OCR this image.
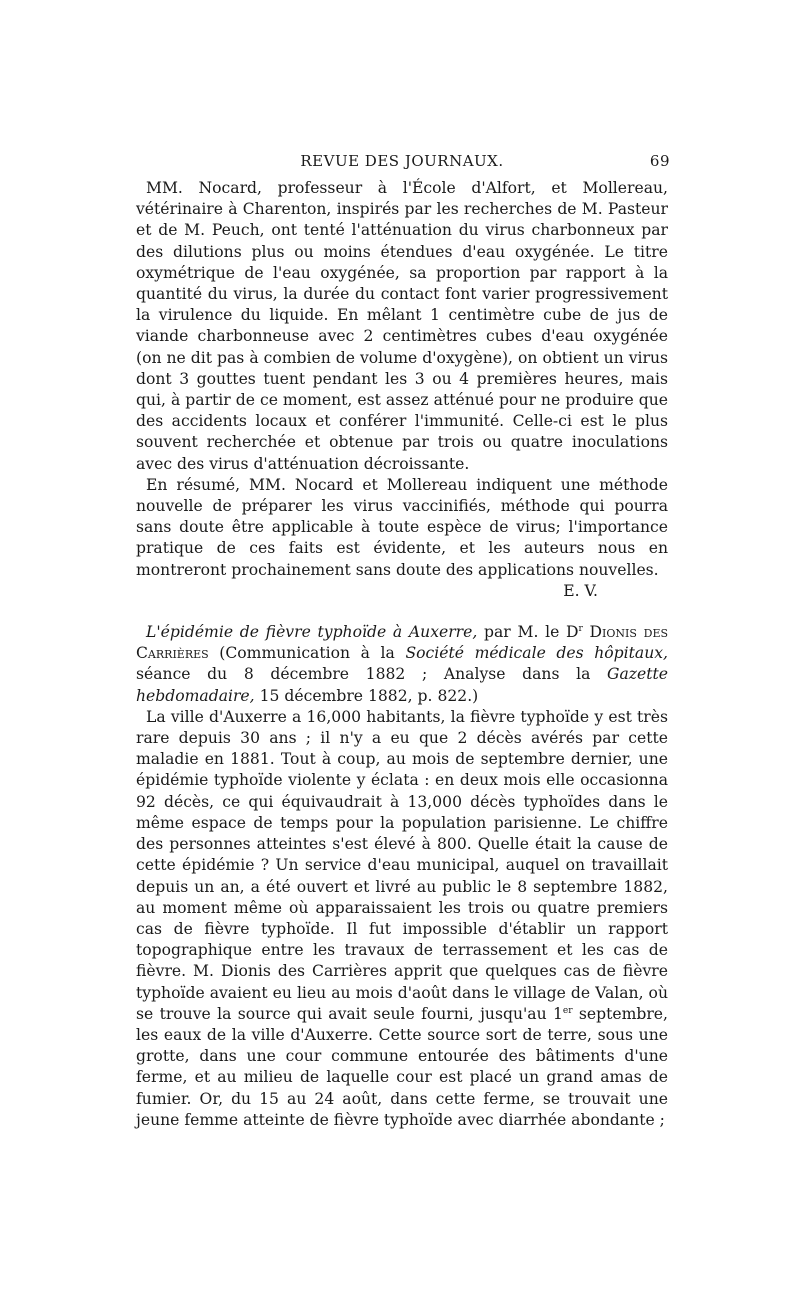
REVUE DES JOURNAUX.	69

MM. Nocard, professeur à l'École d'Alfort, et Mollereau, vétérinaire à Charenton, inspirés par les recherches de M. Pasteur et de M. Peuch, ont tenté l'atténuation du virus charbonneux par des dilutions plus ou moins étendues d'eau oxygénée. Le titre oxymétrique de l'eau oxygénée, sa proportion par rapport à la quantité du virus, la durée du contact font varier progressivement la virulence du liquide. En mêlant 1 centimètre cube de jus de viande charbonneuse avec 2 centimètres cubes d'eau oxygénée (on ne dit pas à combien de volume d'oxygène), on obtient un virus dont 3 gouttes tuent pendant les 3 ou 4 premières heures, mais qui, à partir de ce moment, est assez atténué pour ne produire que des accidents locaux et conférer l'immunité. Celle-ci est le plus souvent recherchée et obtenue par trois ou quatre inoculations avec des virus d'atténuation décroissante.

En résumé, MM. Nocard et Mollereau indiquent une méthode nouvelle de préparer les virus vaccinifiés, méthode qui pourra sans doute être applicable à toute espèce de virus; l'importance pratique de ces faits est évidente, et les auteurs nous en montreront prochainement sans doute des applications nouvelles.

E. V.

L'épidémie de fièvre typhoïde à Auxerre, par M. le $D^r$ Dionis des Carrières (Communication à la Société médicale des hôpitaux, séance du 8 décembre 1882 ; Analyse dans la Gazette hebdomadaire, 15 décembre 1882, p. 822.)

La ville d'Auxerre a 16,000 habitants, la fièvre typhoïde y est très rare depuis 30 ans ; il n'y a eu que 2 décès avérés par cette maladie en 1881. Tout à coup, au mois de septembre dernier, une épidémie typhoïde violente y éclata : en deux mois elle occasionna 92 décès, ce qui équivaudrait à 13,000 décès typhoïdes dans le même espace de temps pour la population parisienne. Le chiffre des personnes atteintes s'est élevé à 800. Quelle était la cause de cette épidémie ? Un service d'eau municipal, auquel on travaillait depuis un an, a été ouvert et livré au public le 8 septembre 1882, au moment même où apparaissaient les trois ou quatre premiers cas de fièvre typhoïde. Il fut impossible d'établir un rapport topographique entre les travaux de terrassement et les cas de fièvre. M. Dionis des Carrières apprit que quelques cas de fièvre typhoïde avaient eu lieu au mois d'août dans le village de Valan, où se trouve la source qui avait seule fourni, jusqu'au 1er septembre, les eaux de la ville d'Auxerre. Cette source sort de terre, sous une grotte, dans une cour commune entourée des bâtiments d'une ferme, et au milieu de laquelle cour est placé un grand amas de fumier. Or, du 15 au 24 août, dans cette ferme, se trouvait une jeune femme atteinte de fièvre typhoïde avec diarrhée abondante ;
